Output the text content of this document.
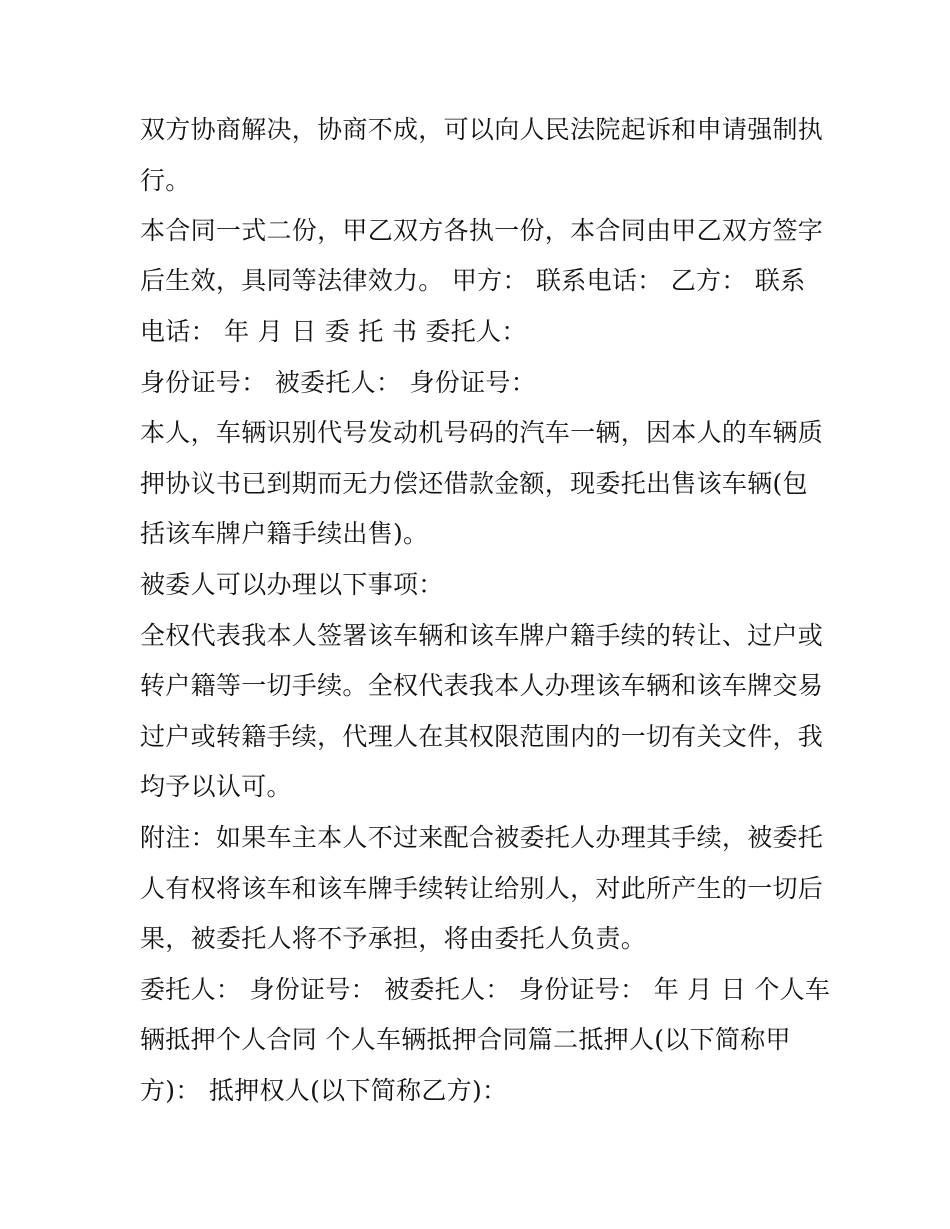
双方协商解决，协商不成，可以向人民法院起诉和申请强制执
行。
本合同一式二份，甲乙双方各执一份，本合同由甲乙双方签字
后生效，具同等法律效力。 甲方： 联系电话： 乙方： 联系
电话： 年 月 日 委 托 书 委托人：
身份证号： 被委托人： 身份证号：
本人，车辆识别代号发动机号码的汽车一辆，因本人的车辆质
押协议书已到期而无力偿还借款金额，现委托出售该车辆(包
括该车牌户籍手续出售)。
被委人可以办理以下事项：
全权代表我本人签署该车辆和该车牌户籍手续的转让、过户或
转户籍等一切手续。全权代表我本人办理该车辆和该车牌交易
过户或转籍手续，代理人在其权限范围内的一切有关文件，我
均予以认可。
附注：如果车主本人不过来配合被委托人办理其手续，被委托
人有权将该车和该车牌手续转让给别人，对此所产生的一切后
果，被委托人将不予承担，将由委托人负责。
委托人： 身份证号： 被委托人： 身份证号： 年 月 日 个人车
辆抵押个人合同 个人车辆抵押合同篇二抵押人(以下简称甲
方)： 抵押权人(以下简称乙方)：
